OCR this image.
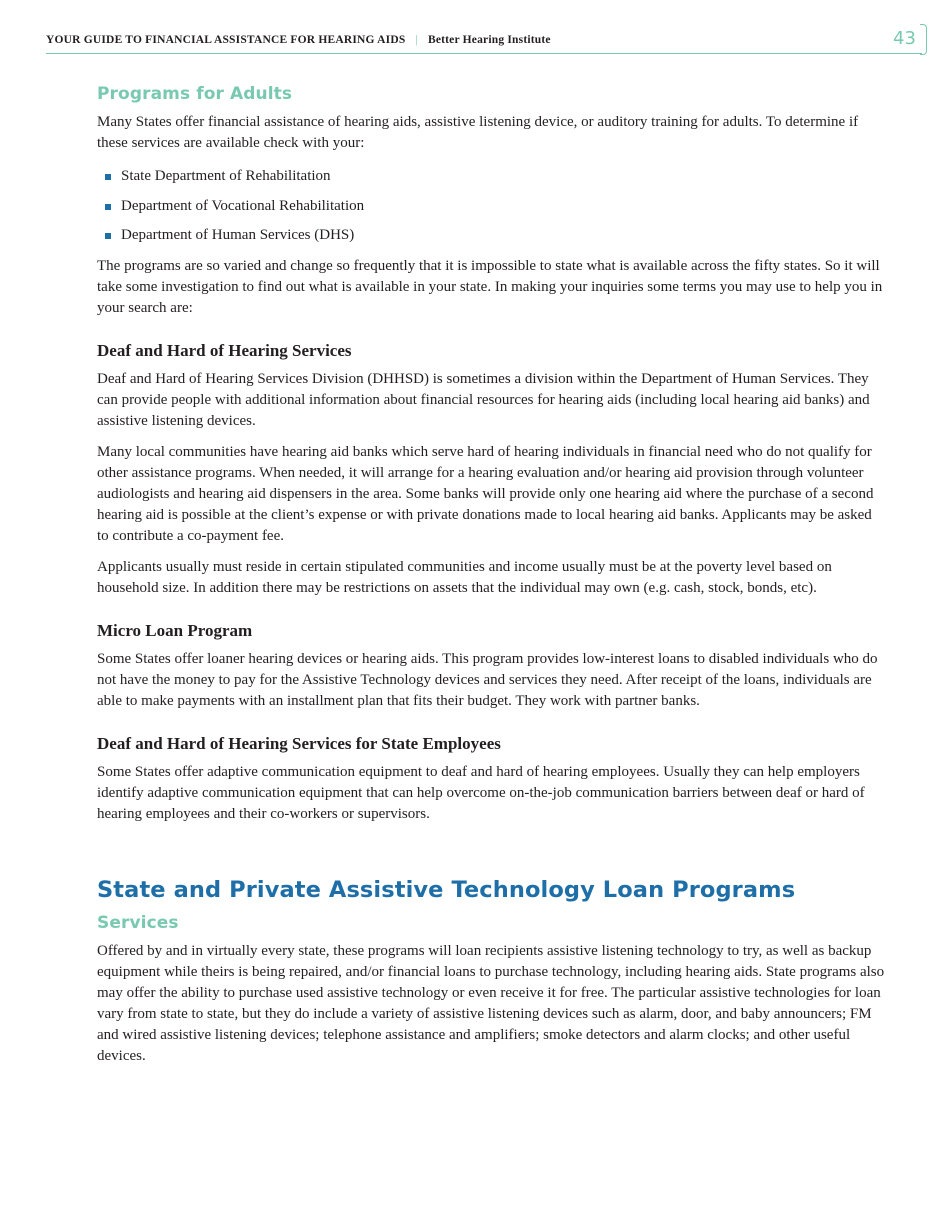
YOUR GUIDE TO FINANCIAL ASSISTANCE FOR HEARING AIDS | Better Hearing Institute	43
Programs for Adults

Many States offer financial assistance of hearing aids, assistive listening device, or auditory training for adults. To determine if these services are available check with your:

State Department of Rehabilitation
Department of Vocational Rehabilitation
Department of Human Services (DHS)

The programs are so varied and change so frequently that it is impossible to state what is available across the fifty states. So it will take some investigation to find out what is available in your state. In making your inquiries some terms you may use to help you in your search are:

Deaf and Hard of Hearing Services

Deaf and Hard of Hearing Services Division (DHHSD) is sometimes a division within the Department of Human Services. They can provide people with additional information about financial resources for hearing aids (including local hearing aid banks) and assistive listening devices.

Many local communities have hearing aid banks which serve hard of hearing individuals in financial need who do not qualify for other assistance programs. When needed, it will arrange for a hearing evaluation and/or hearing aid provision through volunteer audiologists and hearing aid dispensers in the area. Some banks will provide only one hearing aid where the purchase of a second hearing aid is possible at the client’s expense or with private donations made to local hearing aid banks. Applicants may be asked to contribute a co-payment fee.

Applicants usually must reside in certain stipulated communities and income usually must be at the poverty level based on household size. In addition there may be restrictions on assets that the individual may own (e.g. cash, stock, bonds, etc).

Micro Loan Program

Some States offer loaner hearing devices or hearing aids. This program provides low-interest loans to disabled individuals who do not have the money to pay for the Assistive Technology devices and services they need. After receipt of the loans, individuals are able to make payments with an installment plan that fits their budget. They work with partner banks.

Deaf and Hard of Hearing Services for State Employees

Some States offer adaptive communication equipment to deaf and hard of hearing employees. Usually they can help employers identify adaptive communication equipment that can help overcome on-the-job communication barriers between deaf or hard of hearing employees and their co-workers or supervisors.

State and Private Assistive Technology Loan Programs
Services

Offered by and in virtually every state, these programs will loan recipients assistive listening technology to try, as well as backup equipment while theirs is being repaired, and/or financial loans to purchase technology, including hearing aids. State programs also may offer the ability to purchase used assistive technology or even receive it for free. The particular assistive technologies for loan vary from state to state, but they do include a variety of assistive listening devices such as alarm, door, and baby announcers; FM and wired assistive listening devices; telephone assistance and amplifiers; smoke detectors and alarm clocks; and other useful devices.
